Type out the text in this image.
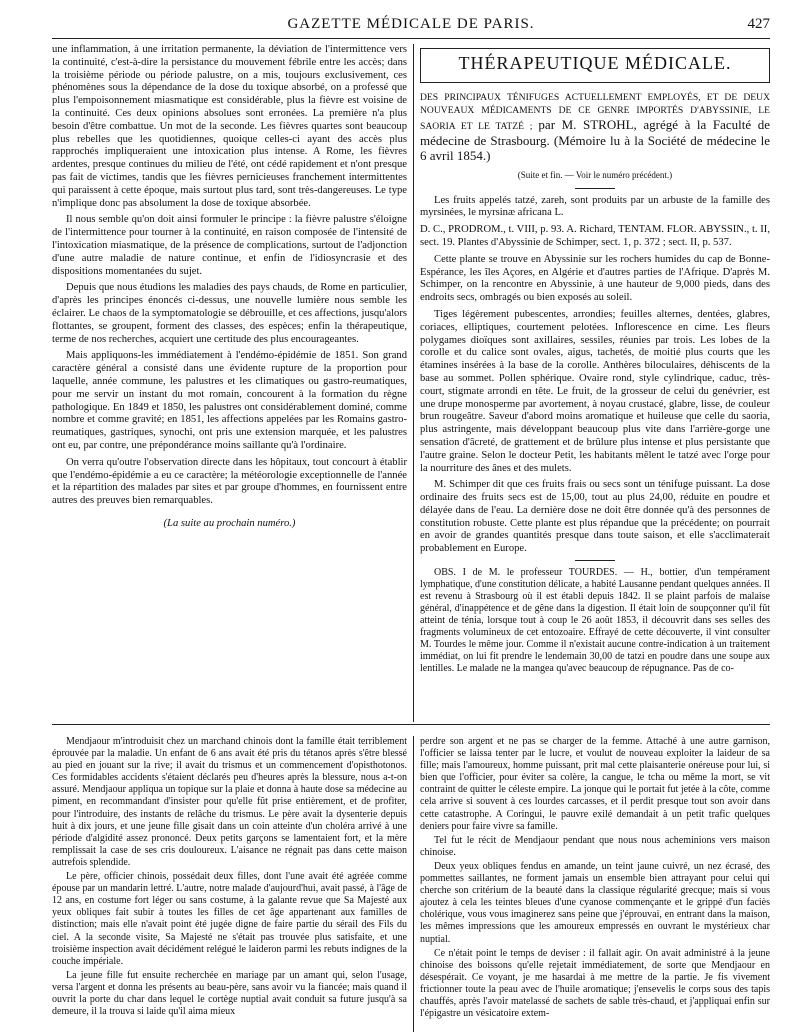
GAZETTE MÉDICALE DE PARIS.	427

une inflammation, à une irritation permanente, la déviation de l'intermittence vers la continuité, c'est-à-dire la persistance du mouvement fébrile entre les accès; dans la troisième période ou période palustre, on a mis, toujours exclusivement, ces phénomènes sous la dépendance de la dose du toxique absorbé, on a professé que plus l'empoisonnement miasmatique est considérable, plus la fièvre est voisine de la continuité. Ces deux opinions absolues sont erronées. La première n'a plus besoin d'être combattue. Un mot de la seconde. Les fièvres quartes sont beaucoup plus rebelles que les quotidiennes, quoique celles-ci ayant des accès plus rapprochés impliqueraient une intoxication plus intense. A Rome, les fièvres ardentes, presque continues du milieu de l'été, ont cédé rapidement et n'ont presque pas fait de victimes, tandis que les fièvres pernicieuses franchement intermittentes qui paraissent à cette époque, mais surtout plus tard, sont très-dangereuses. Le type n'implique donc pas absolument la dose de toxique absorbée.

Il nous semble qu'on doit ainsi formuler le principe : la fièvre palustre s'éloigne de l'intermittence pour tourner à la continuité, en raison composée de l'intensité de l'intoxication miasmatique, de la présence de complications, surtout de l'adjonction d'une autre maladie de nature continue, et enfin de l'idiosyncrasie et des dispositions momentanées du sujet.

Depuis que nous étudions les maladies des pays chauds, de Rome en particulier, d'après les principes énoncés ci-dessus, une nouvelle lumière nous semble les éclairer. Le chaos de la symptomatologie se débrouille, et ces affections, jusqu'alors flottantes, se groupent, forment des classes, des espèces; enfin la thérapeutique, terme de nos recherches, acquiert une certitude des plus encourageantes.

Mais appliquons-les immédiatement à l'endémo-épidémie de 1851. Son grand caractère général a consisté dans une évidente rupture de la proportion pour laquelle, année commune, les palustres et les climatiques ou gastro-reumatiques, pour me servir un instant du mot romain, concourent à la formation du règne pathologique. En 1849 et 1850, les palustres ont considérablement dominé, comme nombre et comme gravité; en 1851, les affections appelées par les Romains gastro-reumatiques, gastriques, synochi, ont pris une extension marquée, et les palustres ont eu, par contre, une prépondérance moins saillante qu'à l'ordinaire.

On verra qu'outre l'observation directe dans les hôpitaux, tout concourt à établir que l'endémo-épidémie a eu ce caractère; la météorologie exceptionnelle de l'année et la répartition des malades par sites et par groupe d'hommes, en fournissent entre autres des preuves bien remarquables.

(La suite au prochain numéro.)

THÉRAPEUTIQUE MÉDICALE.
DES PRINCIPAUX TÉNIFUGES ACTUELLEMENT EMPLOYÉS, ET DE DEUX NOUVEAUX MÉDICAMENTS DE CE GENRE IMPORTÉS D'ABYSSINIE, LE SAORIA ET LE TATZÉ ; par M. STROHL, agrégé à la Faculté de médecine de Strasbourg. (Mémoire lu à la Société de médecine le 6 avril 1854.)
(Suite et fin. — Voir le numéro précédent.)

Les fruits appelés tatzé, zareh, sont produits par un arbuste de la famille des myrsinées, le myrsinæ africana L.

D. C., PRODROM., t. VIII, p. 93. A. Richard, TENTAM. FLOR. ABYSSIN., t. II, sect. 19. Plantes d'Abyssinie de Schimper, sect. 1, p. 372 ; sect. II, p. 537.

Cette plante se trouve en Abyssinie sur les rochers humides du cap de Bonne-Espérance, les îles Açores, en Algérie et d'autres parties de l'Afrique. D'après M. Schimper, on la rencontre en Abyssinie, à une hauteur de 9,000 pieds, dans des endroits secs, ombragés ou bien exposés au soleil.

Tiges légèrement pubescentes, arrondies; feuilles alternes, dentées, glabres, coriaces, elliptiques, courtement pelotées. Inflorescence en cime. Les fleurs polygames dioïques sont axillaires, sessiles, réunies par trois. Les lobes de la corolle et du calice sont ovales, aigus, tachetés, de moitié plus courts que les étamines insérées à la base de la corolle. Anthères biloculaires, déhiscents de la base au sommet. Pollen sphérique. Ovaire rond, style cylindrique, caduc, très-court, stigmate arrondi en tête. Le fruit, de la grosseur de celui du genévrier, est une drupe monosperme par avortement, à noyau crustacé, glabre, lisse, de couleur brun rougeâtre. Saveur d'abord moins aromatique et huileuse que celle du saoria, plus astringente, mais développant beaucoup plus vite dans l'arrière-gorge une sensation d'âcreté, de grattement et de brûlure plus intense et plus persistante que l'autre graine. Selon le docteur Petit, les habitants mêlent le tatzé avec l'orge pour la nourriture des ânes et des mulets.

M. Schimper dit que ces fruits frais ou secs sont un ténifuge puissant. La dose ordinaire des fruits secs est de 15,00, tout au plus 24,00, réduite en poudre et délayée dans de l'eau. La dernière dose ne doit être donnée qu'à des personnes de constitution robuste. Cette plante est plus répandue que la précédente; on pourrait en avoir de grandes quantités presque dans toute saison, et elle s'acclimaterait probablement en Europe.

OBS. I de M. le professeur TOURDES. — H., bottier, d'un tempérament lymphatique, d'une constitution délicate, a habité Lausanne pendant quelques années. Il est revenu à Strasbourg où il est établi depuis 1842. Il se plaint parfois de malaise général, d'inappétence et de gêne dans la digestion. Il était loin de soupçonner qu'il fût atteint de ténia, lorsque tout à coup le 26 août 1853, il découvrit dans ses selles des fragments volumineux de cet entozoaire. Effrayé de cette découverte, il vint consulter M. Tourdes le même jour. Comme il n'existait aucune contre-indication à un traitement immédiat, on lui fit prendre le lendemain 30,00 de tatzi en poudre dans une soupe aux lentilles. Le malade ne la mangea qu'avec beaucoup de répugnance. Pas de co-

Mendjaour m'introduisit chez un marchand chinois dont la famille était terriblement éprouvée par la maladie. Un enfant de 6 ans avait été pris du tétanos après s'être blessé au pied en jouant sur la rive; il avait du trismus et un commencement d'opisthotonos. Ces formidables accidents s'étaient déclarés peu d'heures après la blessure, nous a-t-on assuré. Mendjaour appliqua un topique sur la plaie et donna à haute dose sa médecine au piment, en recommandant d'insister pour qu'elle fût prise entièrement, et de profiter, pour l'introduire, des instants de relâche du trismus. Le père avait la dysenterie depuis huit à dix jours, et une jeune fille gisait dans un coin atteinte d'un choléra arrivé à une période d'algidité assez prononcé. Deux petits garçons se lamentaient fort, et la mère remplissait la case de ses cris douloureux. L'aisance ne régnait pas dans cette maison autrefois splendide.

Le père, officier chinois, possédait deux filles, dont l'une avait été agréée comme épouse par un mandarin lettré. L'autre, notre malade d'aujourd'hui, avait passé, à l'âge de 12 ans, en costume fort léger ou sans costume, à la galante revue que Sa Majesté aux yeux obliques fait subir à toutes les filles de cet âge appartenant aux familles de distinction; mais elle n'avait point été jugée digne de faire partie du sérail des Fils du ciel. A la seconde visite, Sa Majesté ne s'était pas trouvée plus satisfaite, et une troisième inspection avait décidément relégué le laideron parmi les rebuts indignes de la couche impériale.

La jeune fille fut ensuite recherchée en mariage par un amant qui, selon l'usage, versa l'argent et donna les présents au beau-père, sans avoir vu la fiancée; mais quand il ouvrit la porte du char dans lequel le cortège nuptial avait conduit sa future jusqu'à sa demeure, il la trouva si laide qu'il aima mieux

perdre son argent et ne pas se charger de la femme. Attaché à une autre garnison, l'officier se laissa tenter par le lucre, et voulut de nouveau exploiter la laideur de sa fille; mais l'amoureux, homme puissant, prit mal cette plaisanterie onéreuse pour lui, si bien que l'officier, pour éviter sa colère, la cangue, le tcha ou même la mort, se vit contraint de quitter le céleste empire. La jonque qui le portait fut jetée à la côte, comme cela arrive si souvent à ces lourdes carcasses, et il perdit presque tout son avoir dans cette catastrophe. A Coringui, le pauvre exilé demandait à un petit trafic quelques deniers pour faire vivre sa famille.

Tel fut le récit de Mendjaour pendant que nous nous acheminions vers maison chinoise.

Deux yeux obliques fendus en amande, un teint jaune cuivré, un nez écrasé, des pommettes saillantes, ne forment jamais un ensemble bien attrayant pour celui qui cherche son critérium de la beauté dans la classique régularité grecque; mais si vous ajoutez à cela les teintes bleues d'une cyanose commençante et le grippé d'un faciès cholérique, vous vous imaginerez sans peine que j'éprouvai, en entrant dans la maison, les mêmes impressions que les amoureux empressés en ouvrant le mystérieux char nuptial.

Ce n'était point le temps de deviser : il fallait agir. On avait administré à la jeune chinoise des boissons qu'elle rejetait immédiatement, de sorte que Mendjaour en désespérait. Ce voyant, je me hasardai à me mettre de la partie. Je fis vivement frictionner toute la peau avec de l'huile aromatique; j'ensevelis le corps sous des tapis chauffés, après l'avoir matelassé de sachets de sable très-chaud, et j'appliquai enfin sur l'épigastre un vésicatoire extem-
